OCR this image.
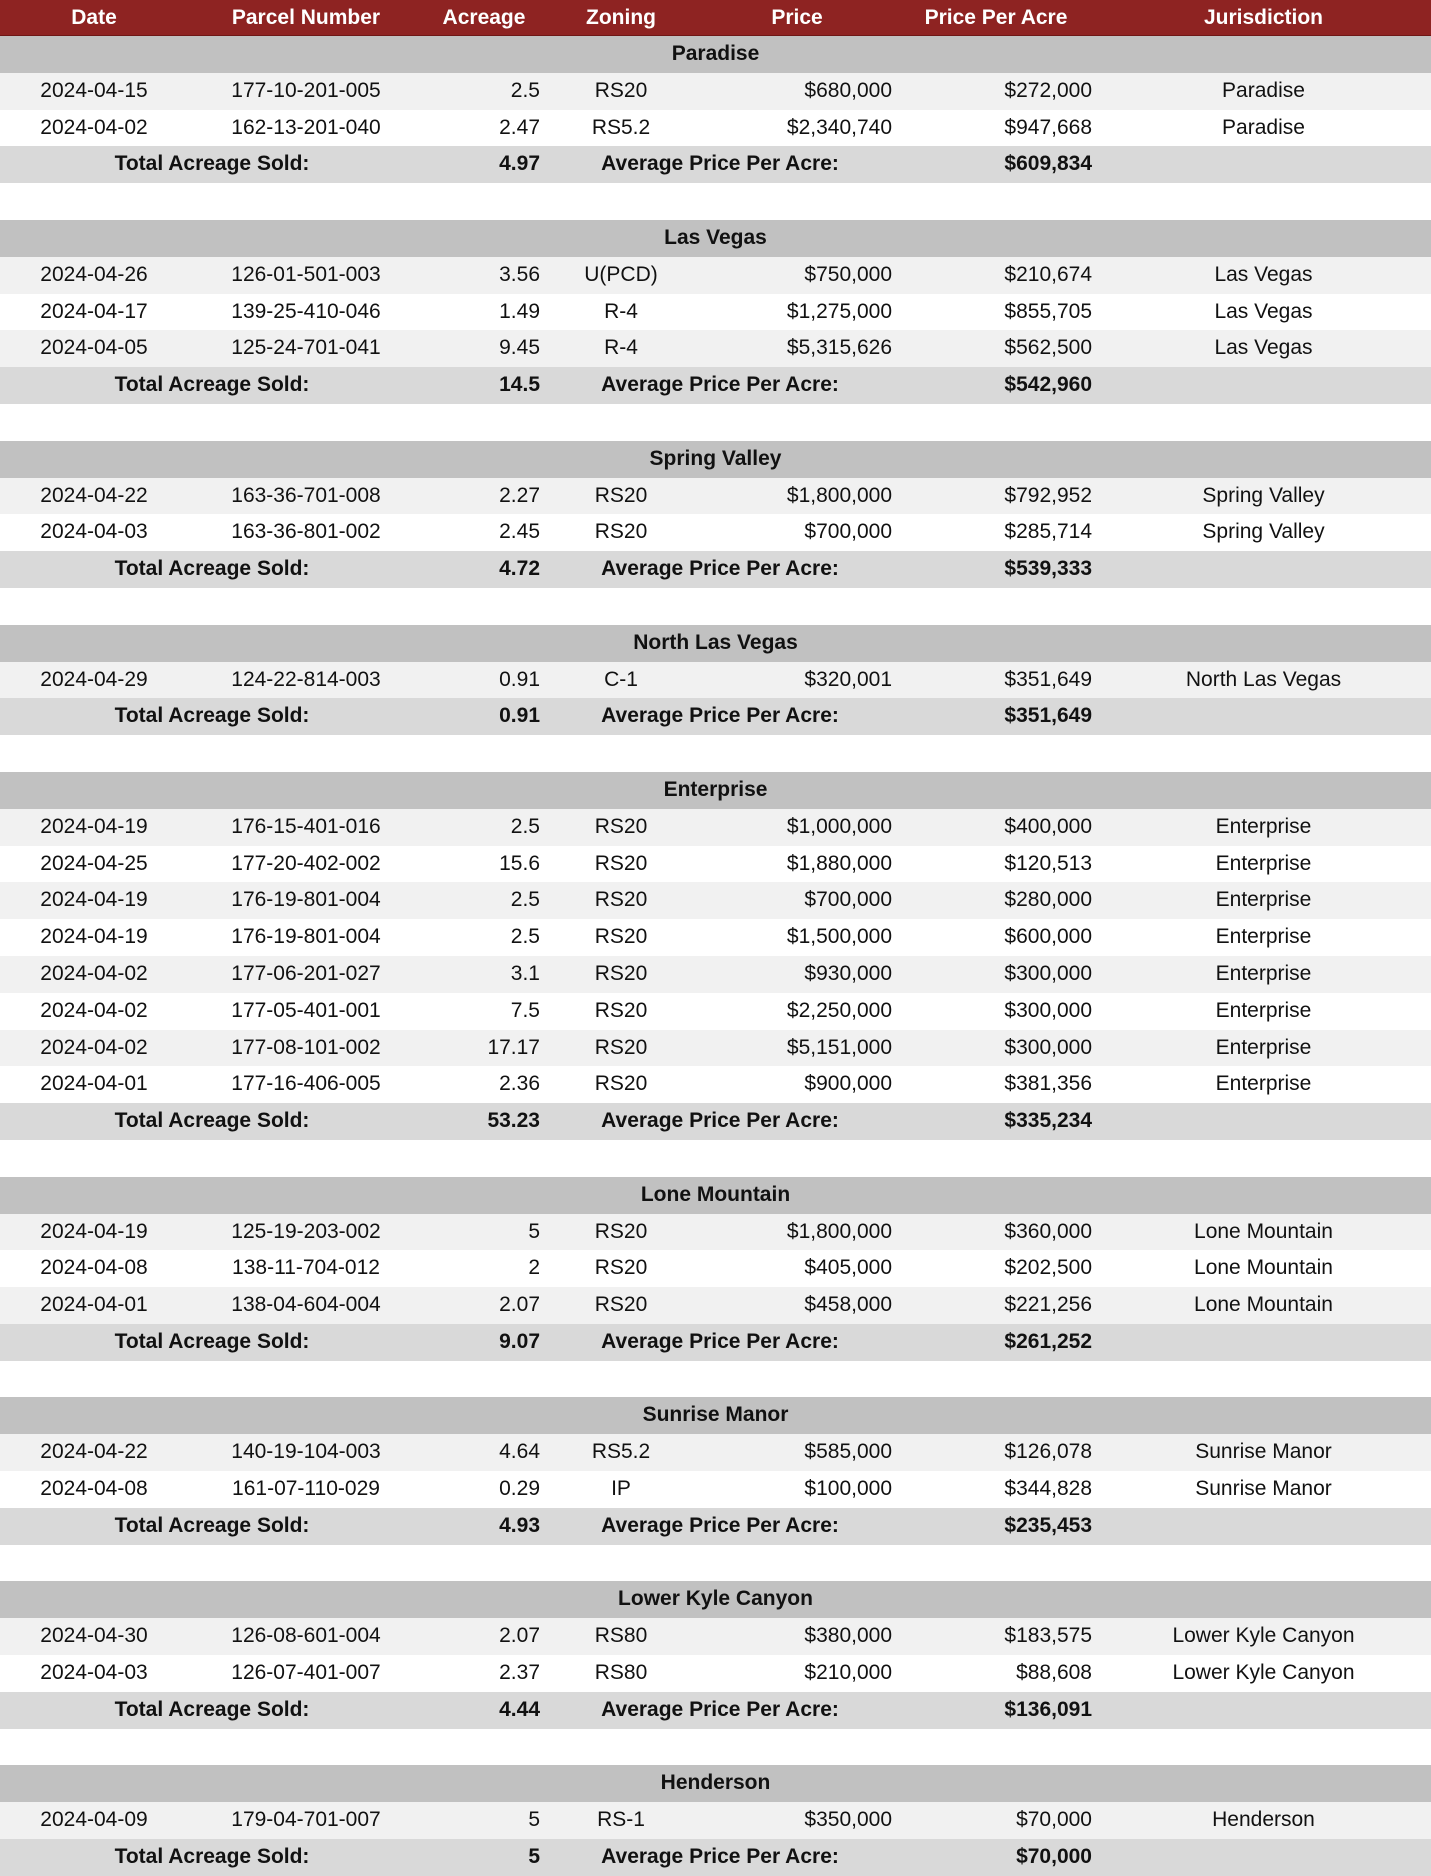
Date	Parcel Number	Acreage	Zoning	Price	Price Per Acre	Jurisdiction
Paradise
2024-04-15	177-10-201-005	2.5	RS20	$680,000	$272,000	Paradise
2024-04-02	162-13-201-040	2.47	RS5.2	$2,340,740	$947,668	Paradise
Total Acreage Sold:	4.97	Average Price Per Acre:	$609,834
Las Vegas
2024-04-26	126-01-501-003	3.56	U(PCD)	$750,000	$210,674	Las Vegas
2024-04-17	139-25-410-046	1.49	R-4	$1,275,000	$855,705	Las Vegas
2024-04-05	125-24-701-041	9.45	R-4	$5,315,626	$562,500	Las Vegas
Total Acreage Sold:	14.5	Average Price Per Acre:	$542,960
Spring Valley
2024-04-22	163-36-701-008	2.27	RS20	$1,800,000	$792,952	Spring Valley
2024-04-03	163-36-801-002	2.45	RS20	$700,000	$285,714	Spring Valley
Total Acreage Sold:	4.72	Average Price Per Acre:	$539,333
North Las Vegas
2024-04-29	124-22-814-003	0.91	C-1	$320,001	$351,649	North Las Vegas
Total Acreage Sold:	0.91	Average Price Per Acre:	$351,649
Enterprise
2024-04-19	176-15-401-016	2.5	RS20	$1,000,000	$400,000	Enterprise
2024-04-25	177-20-402-002	15.6	RS20	$1,880,000	$120,513	Enterprise
2024-04-19	176-19-801-004	2.5	RS20	$700,000	$280,000	Enterprise
2024-04-19	176-19-801-004	2.5	RS20	$1,500,000	$600,000	Enterprise
2024-04-02	177-06-201-027	3.1	RS20	$930,000	$300,000	Enterprise
2024-04-02	177-05-401-001	7.5	RS20	$2,250,000	$300,000	Enterprise
2024-04-02	177-08-101-002	17.17	RS20	$5,151,000	$300,000	Enterprise
2024-04-01	177-16-406-005	2.36	RS20	$900,000	$381,356	Enterprise
Total Acreage Sold:	53.23	Average Price Per Acre:	$335,234
Lone Mountain
2024-04-19	125-19-203-002	5	RS20	$1,800,000	$360,000	Lone Mountain
2024-04-08	138-11-704-012	2	RS20	$405,000	$202,500	Lone Mountain
2024-04-01	138-04-604-004	2.07	RS20	$458,000	$221,256	Lone Mountain
Total Acreage Sold:	9.07	Average Price Per Acre:	$261,252
Sunrise Manor
2024-04-22	140-19-104-003	4.64	RS5.2	$585,000	$126,078	Sunrise Manor
2024-04-08	161-07-110-029	0.29	IP	$100,000	$344,828	Sunrise Manor
Total Acreage Sold:	4.93	Average Price Per Acre:	$235,453
Lower Kyle Canyon
2024-04-30	126-08-601-004	2.07	RS80	$380,000	$183,575	Lower Kyle Canyon
2024-04-03	126-07-401-007	2.37	RS80	$210,000	$88,608	Lower Kyle Canyon
Total Acreage Sold:	4.44	Average Price Per Acre:	$136,091
Henderson
2024-04-09	179-04-701-007	5	RS-1	$350,000	$70,000	Henderson
Total Acreage Sold:	5	Average Price Per Acre:	$70,000
